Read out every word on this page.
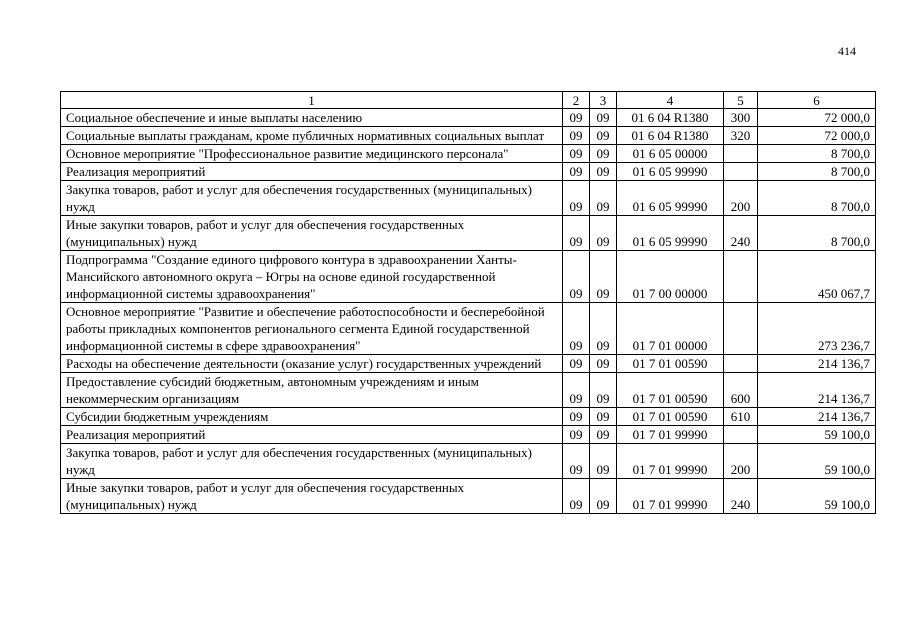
414
1	2	3	4	5	6
Социальное обеспечение и иные выплаты населению	09	09	01 6 04 R1380	300	72 000,0
Социальные выплаты гражданам, кроме публичных нормативных социальных выплат	09	09	01 6 04 R1380	320	72 000,0
Основное мероприятие "Профессиональное развитие медицинского персонала"	09	09	01 6 05 00000		8 700,0
Реализация мероприятий	09	09	01 6 05 99990		8 700,0
Закупка товаров, работ и услуг для обеспечения государственных (муниципальных) нужд	09	09	01 6 05 99990	200	8 700,0
Иные закупки товаров, работ и услуг для обеспечения государственных (муниципальных) нужд	09	09	01 6 05 99990	240	8 700,0
Подпрограмма "Создание единого цифрового контура в здравоохранении Ханты-Мансийского автономного округа – Югры на основе единой государственной информационной системы здравоохранения"	09	09	01 7 00 00000		450 067,7
Основное мероприятие "Развитие и обеспечение работоспособности и бесперебойной работы прикладных компонентов регионального сегмента Единой государственной информационной системы в сфере здравоохранения"	09	09	01 7 01 00000		273 236,7
Расходы на обеспечение деятельности (оказание услуг) государственных учреждений	09	09	01 7 01 00590		214 136,7
Предоставление субсидий бюджетным, автономным учреждениям и иным некоммерческим организациям	09	09	01 7 01 00590	600	214 136,7
Субсидии бюджетным учреждениям	09	09	01 7 01 00590	610	214 136,7
Реализация мероприятий	09	09	01 7 01 99990		59 100,0
Закупка товаров, работ и услуг для обеспечения государственных (муниципальных) нужд	09	09	01 7 01 99990	200	59 100,0
Иные закупки товаров, работ и услуг для обеспечения государственных (муниципальных) нужд	09	09	01 7 01 99990	240	59 100,0
